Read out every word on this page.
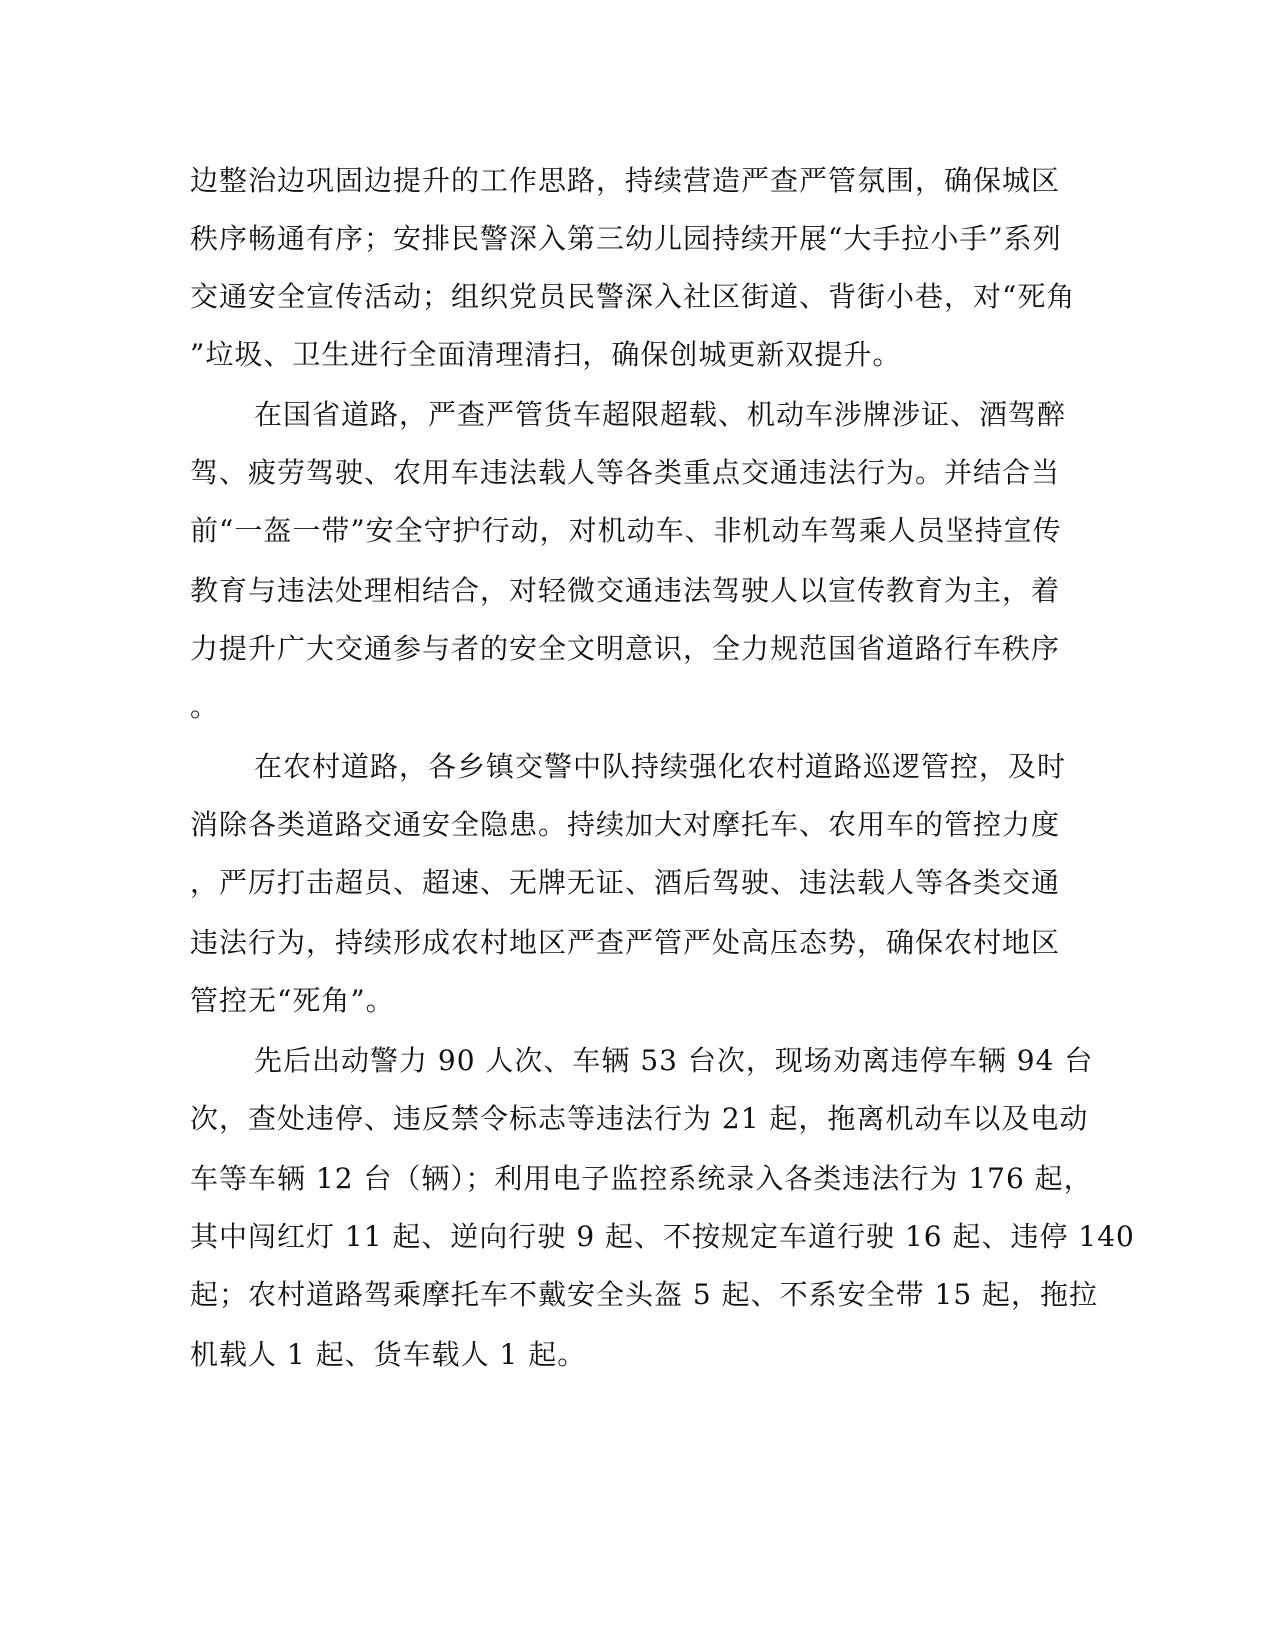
边整治边巩固边提升的工作思路，持续营造严查严管氛围，确保城区
秩序畅通有序；安排民警深入第三幼儿园持续开展“大手拉小手”系列
交通安全宣传活动；组织党员民警深入社区街道、背街小巷，对“死角
”垃圾、卫生进行全面清理清扫，确保创城更新双提升。
在国省道路，严查严管货车超限超载、机动车涉牌涉证、酒驾醉
驾、疲劳驾驶、农用车违法载人等各类重点交通违法行为。并结合当
前“一盔一带”安全守护行动，对机动车、非机动车驾乘人员坚持宣传
教育与违法处理相结合，对轻微交通违法驾驶人以宣传教育为主，着
力提升广大交通参与者的安全文明意识，全力规范国省道路行车秩序
。
在农村道路，各乡镇交警中队持续强化农村道路巡逻管控，及时
消除各类道路交通安全隐患。持续加大对摩托车、农用车的管控力度
，严厉打击超员、超速、无牌无证、酒后驾驶、违法载人等各类交通
违法行为，持续形成农村地区严查严管严处高压态势，确保农村地区
管控无“死角”。
先后出动警力 90 人次、车辆 53 台次，现场劝离违停车辆 94 台
次，查处违停、违反禁令标志等违法行为 21 起，拖离机动车以及电动
车等车辆 12 台（辆）；利用电子监控系统录入各类违法行为 176 起，
其中闯红灯 11 起、逆向行驶 9 起、不按规定车道行驶 16 起、违停 140
起；农村道路驾乘摩托车不戴安全头盔 5 起、不系安全带 15 起，拖拉
机载人 1 起、货车载人 1 起。
